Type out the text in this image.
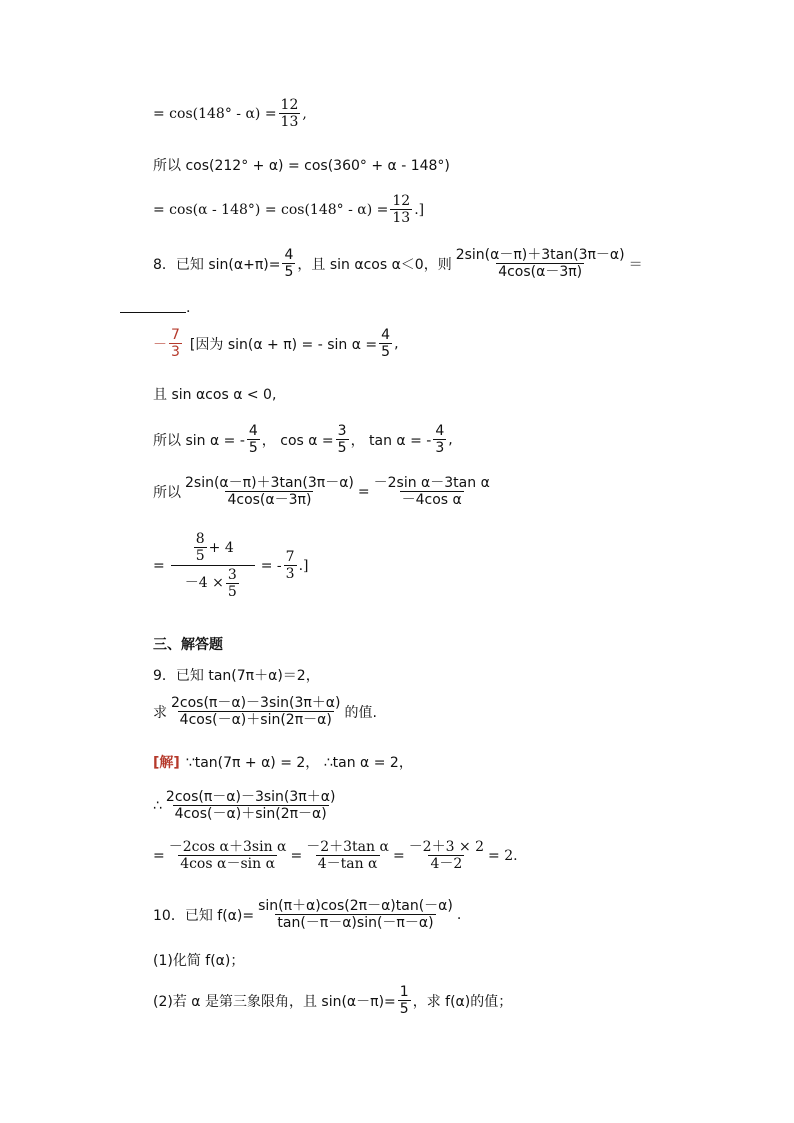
= $\cos(148^\circ - \alpha) = \frac{12}{13}$ ,
所以 cos(212° + α) = cos(360° + α - 148°)
= $\cos(\alpha - 148^\circ) = \cos(148^\circ - \alpha) = \frac{12}{13}$ .]
8．已知 $\sin(\alpha+\pi)= \frac{4}{5}$ ，且 sin αcos α＜0，则 $\frac{2\sin(\alpha-\pi)+3\tan(3\pi-\alpha)}{4\cos(\alpha-3\pi)}$ ＝
.
－ $\frac{7}{3}$ [因为 sin(α + π) = - $\sin \alpha = \frac{4}{5}$ ,
且 sin αcos α < 0,
所以 sin α = - $\frac{4}{5}$ ， $\cos \alpha = \frac{3}{5}$ ， tan α = - $\frac{4}{3}$ ,
所以 $\frac{2\sin(\alpha-\pi)+3\tan(3\pi-\alpha)}{4\cos(\alpha-3\pi)} = \frac{\text{－2sin α－3tan α}}{\text{－4cos α}}$
= $\frac{\frac{8}{5} + 4}{-4 \times \frac{3}{5}}$ = - $\frac{7}{3}$ .]
三、解答题
9．已知 tan(7π＋α)＝2，
求 $\frac{2\cos(\pi-\alpha)-3\sin(3\pi+\alpha)}{4\cos(-\alpha)+\sin(2\pi-\alpha)}$ 的值.
[解] ∵tan(7π + α) = 2， ∴tan α = 2，
∴ $\frac{2\cos(\pi-\alpha)-3\sin(3\pi+\alpha)}{4\cos(-\alpha)+\sin(2\pi-\alpha)}$
= $\frac{\text{－2cos α＋3sin α}}{\text{4cos α－sin α}} = \frac{\text{－2＋3tan α}}{\text{4－tan α}} = \frac{-2+3 \times 2}{4-2} = 2$.
10．已知 $f(\alpha)= \frac{\sin(\pi+\alpha)\cos(2\pi-\alpha)\tan(-\alpha)}{\tan(-\pi-\alpha)\sin(-\pi-\alpha)}$ .
(1)化简 f(α)；
(2)若 α 是第三象限角，且 $\sin(\alpha-\pi)= \frac{1}{5}$ ，求 f(α)的值；
